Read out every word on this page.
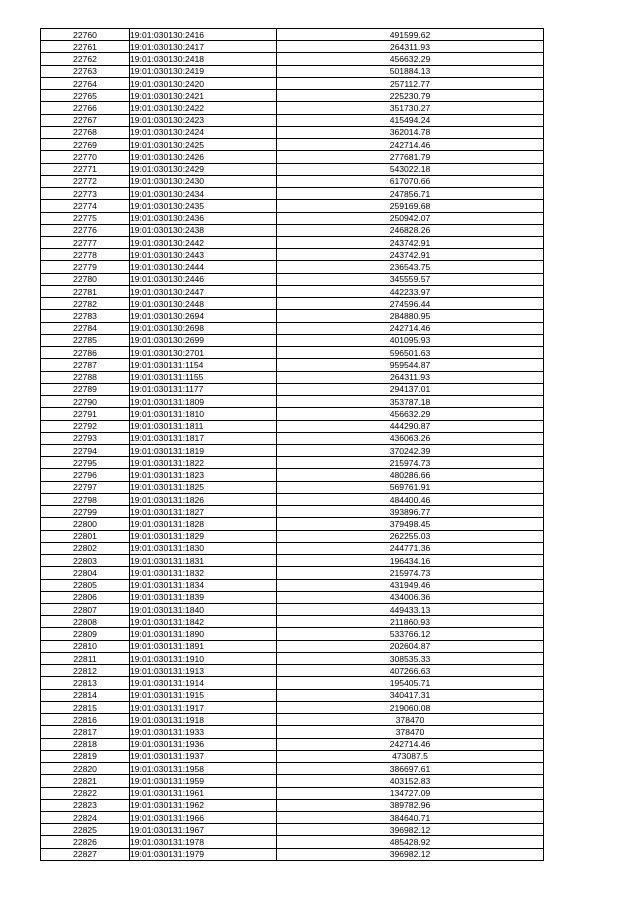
22760	19:01:030130:2416	491599.62
22761	19:01:030130:2417	264311.93
22762	19:01:030130:2418	456632.29
22763	19:01:030130:2419	501884.13
22764	19:01:030130:2420	257112.77
22765	19:01:030130:2421	225230.79
22766	19:01:030130:2422	351730.27
22767	19:01:030130:2423	415494.24
22768	19:01:030130:2424	362014.78
22769	19:01:030130:2425	242714.46
22770	19:01:030130:2426	277681.79
22771	19:01:030130:2429	543022.18
22772	19:01:030130:2430	617070.66
22773	19:01:030130:2434	247856.71
22774	19:01:030130:2435	259169.68
22775	19:01:030130:2436	250942.07
22776	19:01:030130:2438	246828.26
22777	19:01:030130:2442	243742.91
22778	19:01:030130:2443	243742.91
22779	19:01:030130:2444	236543.75
22780	19:01:030130:2446	345559.57
22781	19:01:030130:2447	442233.97
22782	19:01:030130:2448	274596.44
22783	19:01:030130:2694	284880.95
22784	19:01:030130:2698	242714.46
22785	19:01:030130:2699	401095.93
22786	19:01:030130:2701	596501.63
22787	19:01:030131:1154	959544.87
22788	19:01:030131:1155	264311.93
22789	19:01:030131:1177	294137.01
22790	19:01:030131:1809	353787.18
22791	19:01:030131:1810	456632.29
22792	19:01:030131:1811	444290.87
22793	19:01:030131:1817	436063.26
22794	19:01:030131:1819	370242.39
22795	19:01:030131:1822	215974.73
22796	19:01:030131:1823	480286.66
22797	19:01:030131:1825	569761.91
22798	19:01:030131:1826	484400.46
22799	19:01:030131:1827	393896.77
22800	19:01:030131:1828	379498.45
22801	19:01:030131:1829	262255.03
22802	19:01:030131:1830	244771.36
22803	19:01:030131:1831	196434.16
22804	19:01:030131:1832	215974.73
22805	19:01:030131:1834	431949.46
22806	19:01:030131:1839	434006.36
22807	19:01:030131:1840	449433.13
22808	19:01:030131:1842	211860.93
22809	19:01:030131:1890	533766.12
22810	19:01:030131:1891	202604.87
22811	19:01:030131:1910	308535.33
22812	19:01:030131:1913	407266.63
22813	19:01:030131:1914	195405.71
22814	19:01:030131:1915	340417.31
22815	19:01:030131:1917	219060.08
22816	19:01:030131:1918	378470
22817	19:01:030131:1933	378470
22818	19:01:030131:1936	242714.46
22819	19:01:030131:1937	473087.5
22820	19:01:030131:1958	386697.61
22821	19:01:030131:1959	403152.83
22822	19:01:030131:1961	134727.09
22823	19:01:030131:1962	389782.96
22824	19:01:030131:1966	384640.71
22825	19:01:030131:1967	396982.12
22826	19:01:030131:1978	485428.92
22827	19:01:030131:1979	396982.12
